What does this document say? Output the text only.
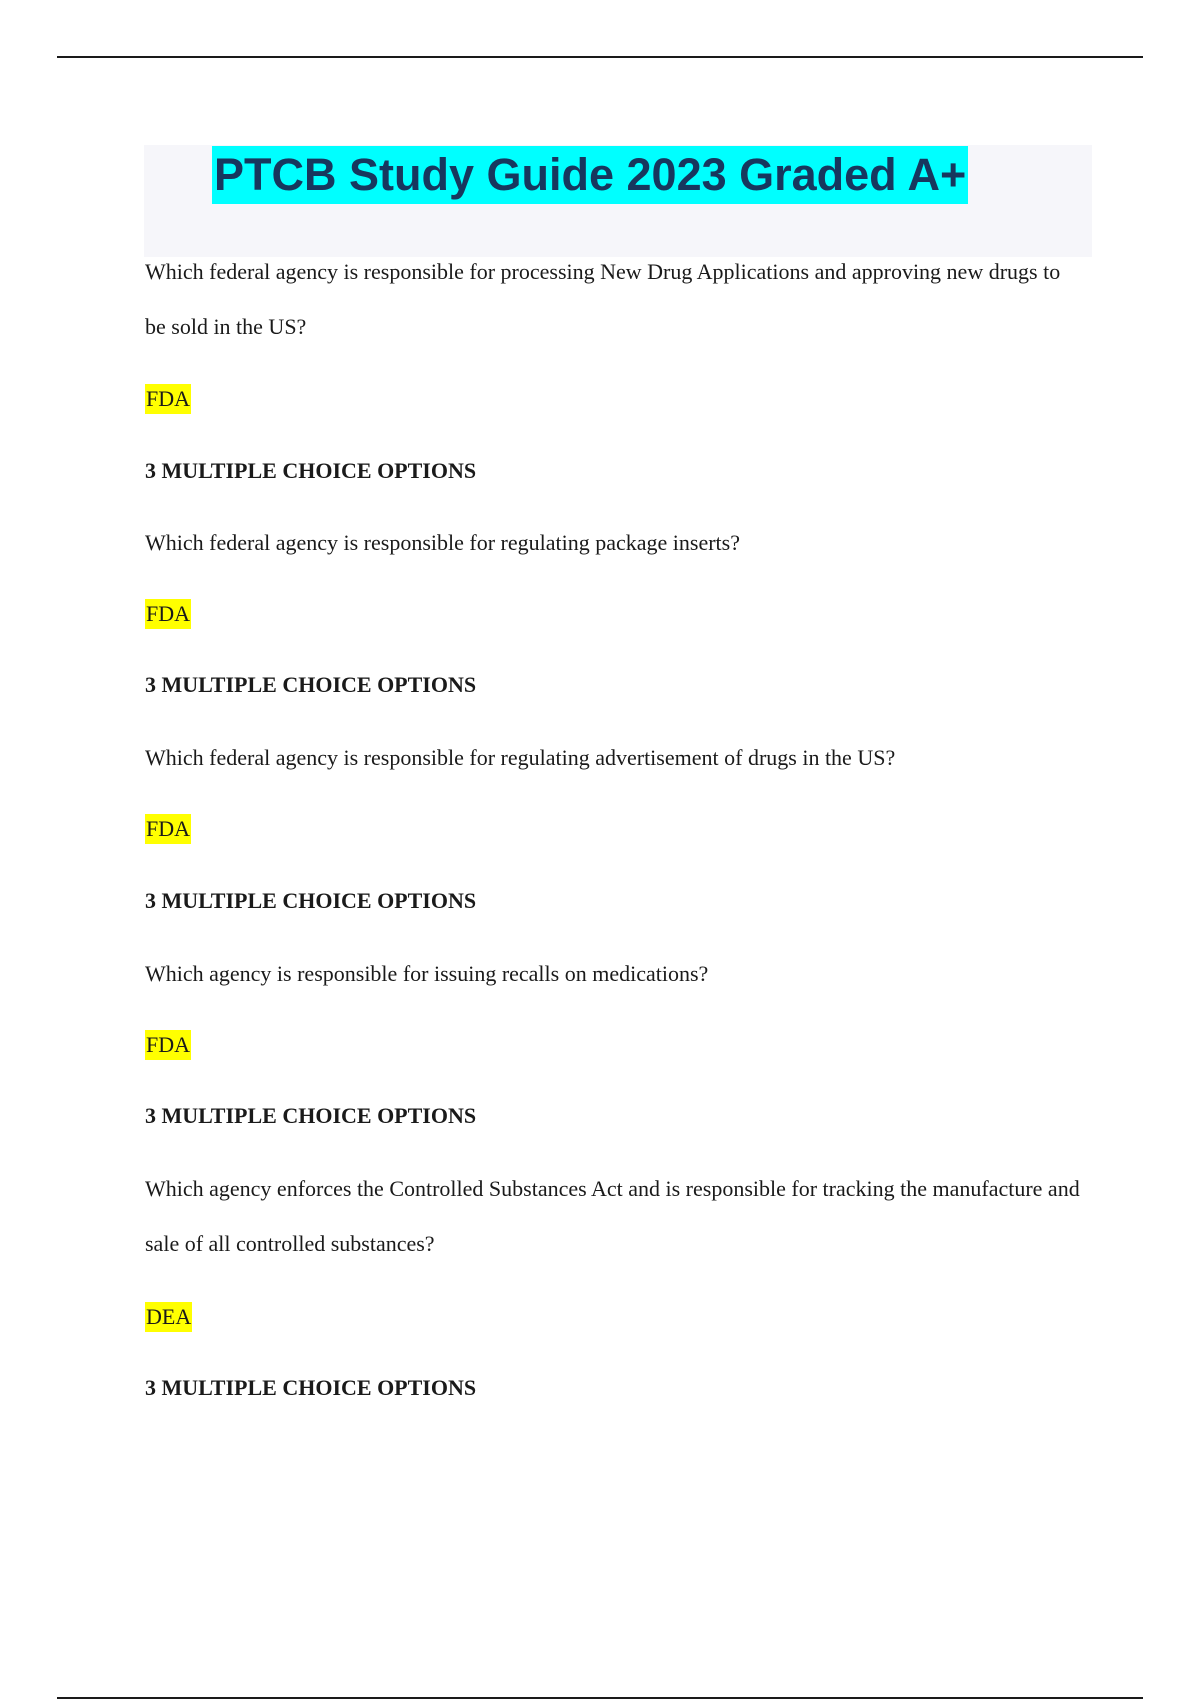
PTCB Study Guide 2023 Graded A+

Which federal agency is responsible for processing New Drug Applications and approving new drugs to be sold in the US?

FDA
3 MULTIPLE CHOICE OPTIONS

Which federal agency is responsible for regulating package inserts?

FDA
3 MULTIPLE CHOICE OPTIONS

Which federal agency is responsible for regulating advertisement of drugs in the US?

FDA
3 MULTIPLE CHOICE OPTIONS

Which agency is responsible for issuing recalls on medications?

FDA
3 MULTIPLE CHOICE OPTIONS

Which agency enforces the Controlled Substances Act and is responsible for tracking the manufacture and sale of all controlled substances?

DEA
3 MULTIPLE CHOICE OPTIONS
